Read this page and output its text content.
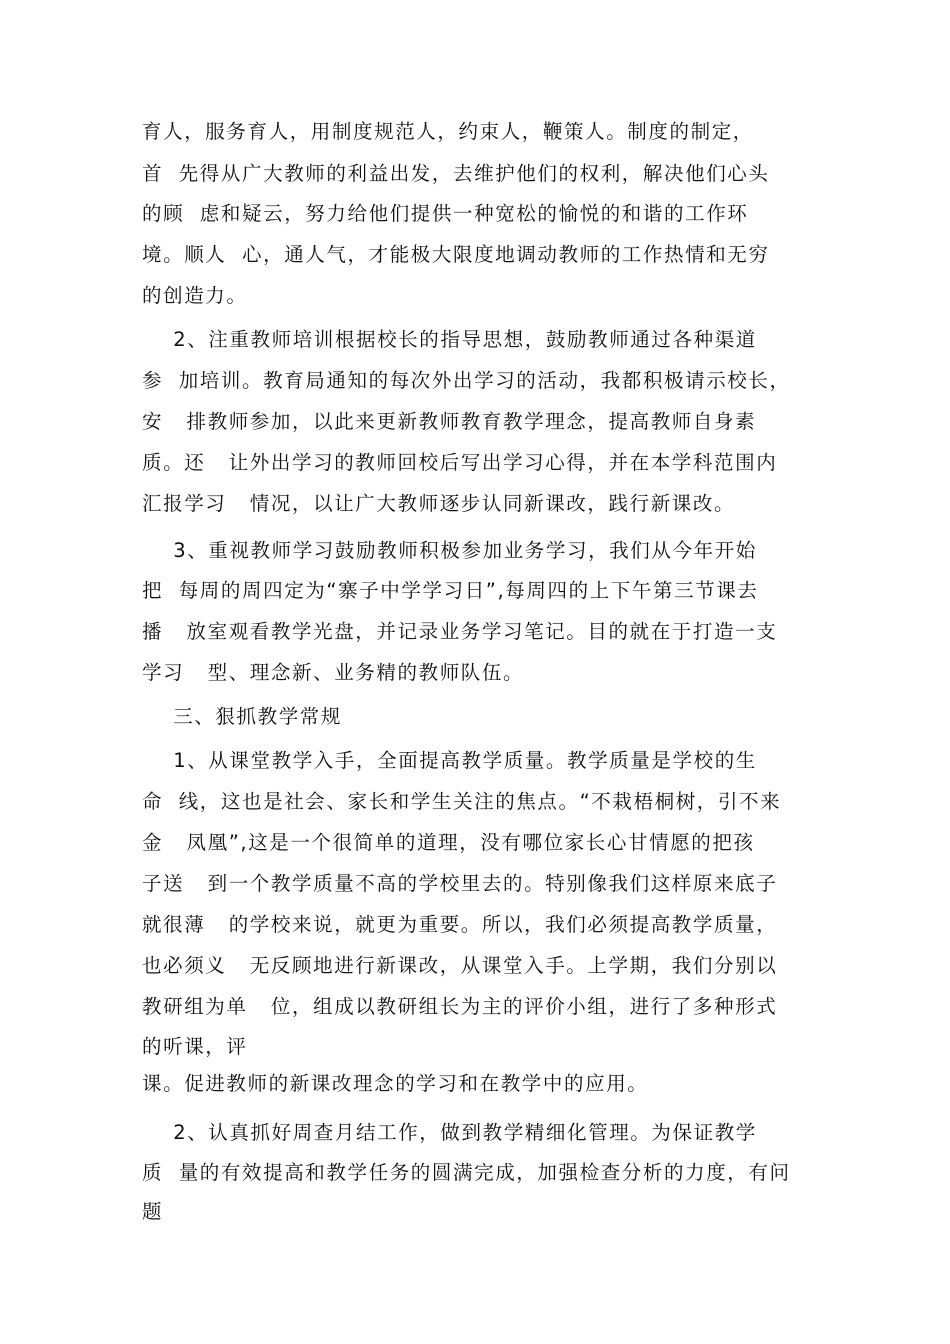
育人，服务育人，用制度规范人，约束人，鞭策人。制度的制定，
首  先得从广大教师的利益出发，去维护他们的权利，解决他们心头
的顾  虑和疑云，努力给他们提供一种宽松的愉悦的和谐的工作环
境。顺人  心，通人气，才能极大限度地调动教师的工作热情和无穷
的创造力。
2、注重教师培训根据校长的指导思想，鼓励教师通过各种渠道
参  加培训。教育局通知的每次外出学习的活动，我都积极请示校长，
安   排教师参加，以此来更新教师教育教学理念，提高教师自身素
质。还   让外出学习的教师回校后写出学习心得，并在本学科范围内
汇报学习   情况，以让广大教师逐步认同新课改，践行新课改。
3、重视教师学习鼓励教师积极参加业务学习，我们从今年开始
把  每周的周四定为“寨子中学学习日”,每周四的上下午第三节课去
播   放室观看教学光盘，并记录业务学习笔记。目的就在于打造一支
学习   型、理念新、业务精的教师队伍。
三、狠抓教学常规
1、从课堂教学入手，全面提高教学质量。教学质量是学校的生
命  线，这也是社会、家长和学生关注的焦点。“不栽梧桐树，引不来
金   凤凰”,这是一个很简单的道理，没有哪位家长心甘情愿的把孩
子送   到一个教学质量不高的学校里去的。特别像我们这样原来底子
就很薄   的学校来说，就更为重要。所以，我们必须提高教学质量，
也必须义   无反顾地进行新课改，从课堂入手。上学期，我们分别以
教研组为单   位，组成以教研组长为主的评价小组，进行了多种形式
的听课，评
课。促进教师的新课改理念的学习和在教学中的应用。
2、认真抓好周查月结工作，做到教学精细化管理。为保证教学
质  量的有效提高和教学任务的圆满完成，加强检查分析的力度，有问
题
